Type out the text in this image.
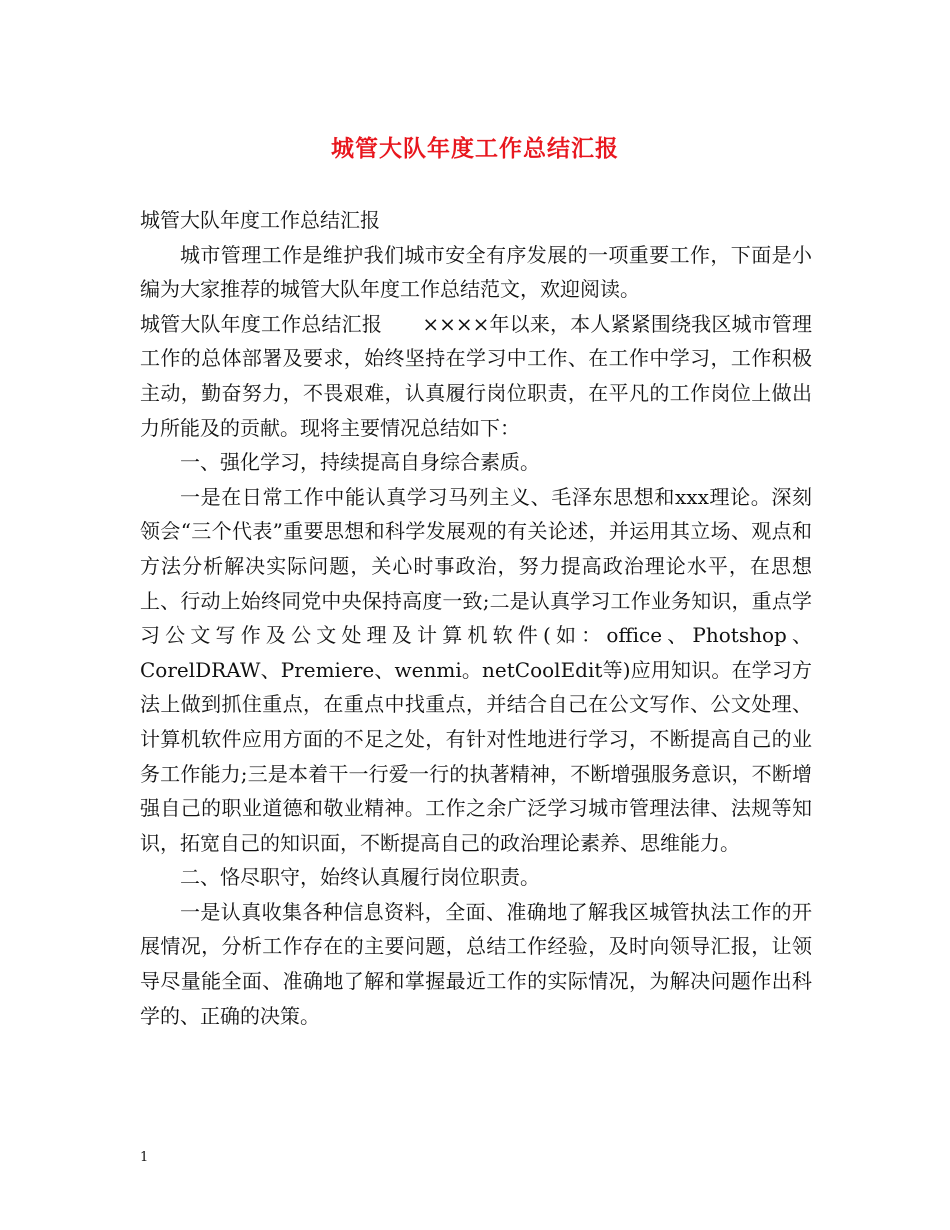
城管大队年度工作总结汇报

城管大队年度工作总结汇报

城市管理工作是维护我们城市安全有序发展的一项重要工作，下面是小编为大家推荐的城管大队年度工作总结范文，欢迎阅读。

城管大队年度工作总结汇报　　××××年以来，本人紧紧围绕我区城市管理工作的总体部署及要求，始终坚持在学习中工作、在工作中学习，工作积极主动，勤奋努力，不畏艰难，认真履行岗位职责，在平凡的工作岗位上做出力所能及的贡献。现将主要情况总结如下：

一、强化学习，持续提高自身综合素质。

一是在日常工作中能认真学习马列主义、毛泽东思想和xxx理论。深刻领会“三个代表”重要思想和科学发展观的有关论述，并运用其立场、观点和方法分析解决实际问题，关心时事政治，努力提高政治理论水平，在思想上、行动上始终同党中央保持高度一致;二是认真学习工作业务知识，重点学习公文写作及公文处理及计算机软件(如：office、Photshop、CorelDRAW、Premiere、wenmi。netCoolEdit等)应用知识。在学习方法上做到抓住重点，在重点中找重点，并结合自己在公文写作、公文处理、计算机软件应用方面的不足之处，有针对性地进行学习，不断提高自己的业务工作能力;三是本着干一行爱一行的执著精神，不断增强服务意识，不断增强自己的职业道德和敬业精神。工作之余广泛学习城市管理法律、法规等知识，拓宽自己的知识面，不断提高自己的政治理论素养、思维能力。

二、恪尽职守，始终认真履行岗位职责。

一是认真收集各种信息资料，全面、准确地了解我区城管执法工作的开展情况，分析工作存在的主要问题，总结工作经验，及时向领导汇报，让领导尽量能全面、准确地了解和掌握最近工作的实际情况，为解决问题作出科学的、正确的决策。

1
